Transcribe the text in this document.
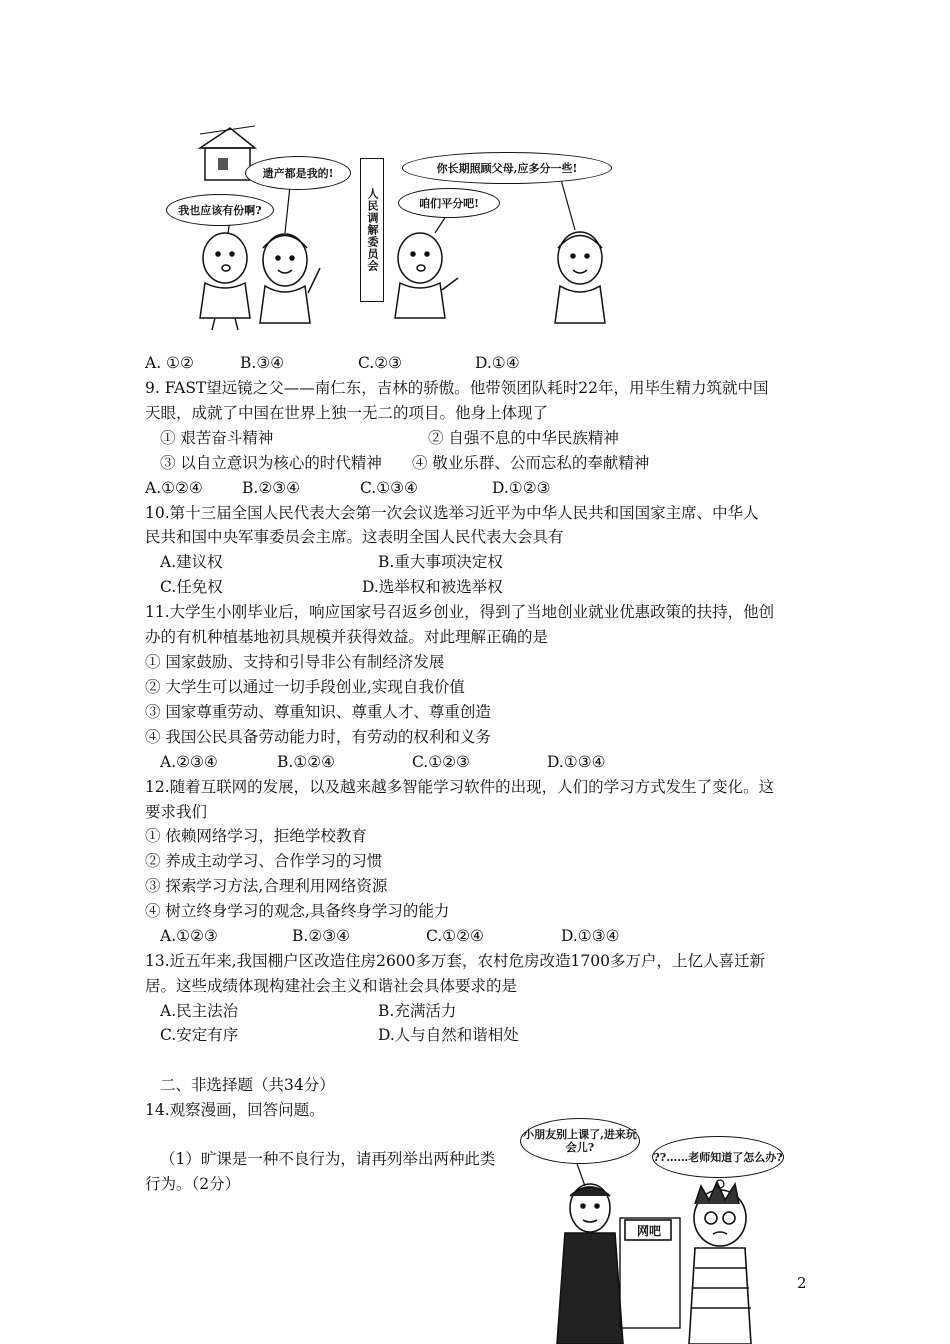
我也应该有份啊?
遗产都是我的!
人民调解委员会
你长期照顾父母,应多分一些!
咱们平分吧!
A. ①②	B.③④	C.②③	D.①④
9. FAST望远镜之父——南仁东，吉林的骄傲。他带领团队耗时22年，用毕生精力筑就中国
天眼，成就了中国在世界上独一无二的项目。他身上体现了
① 艰苦奋斗精神	② 自强不息的中华民族精神
③ 以自立意识为核心的时代精神 ④ 敬业乐群、公而忘私的奉献精神
A.①②④	B.②③④	C.①③④	D.①②③
10.第十三届全国人民代表大会第一次会议选举习近平为中华人民共和国国家主席、中华人
民共和国中央军事委员会主席。这表明全国人民代表大会具有
A.建议权	B.重大事项决定权
C.任免权	D.选举权和被选举权
11.大学生小刚毕业后，响应国家号召返乡创业，得到了当地创业就业优惠政策的扶持，他创
办的有机种植基地初具规模并获得效益。对此理解正确的是
① 国家鼓励、支持和引导非公有制经济发展
② 大学生可以通过一切手段创业,实现自我价值
③ 国家尊重劳动、尊重知识、尊重人才、尊重创造
④ 我国公民具备劳动能力时，有劳动的权利和义务
A.②③④	B.①②④	C.①②③	D.①③④
12.随着互联网的发展，以及越来越多智能学习软件的出现，人们的学习方式发生了变化。这
要求我们
① 依赖网络学习，拒绝学校教育
② 养成主动学习、合作学习的习惯
③ 探索学习方法,合理利用网络资源
④ 树立终身学习的观念,具备终身学习的能力
A.①②③	B.②③④	C.①②④	D.①③④
13.近五年来,我国棚户区改造住房2600多万套，农村危房改造1700多万户，上亿人喜迁新
居。这些成绩体现构建社会主义和谐社会具体要求的是
A.民主法治	B.充满活力
C.安定有序	D.人与自然和谐相处
二、非选择题（共34分）
14.观察漫画，回答问题。
（1）旷课是一种不良行为，请再列举出两种此类
行为。（2分）
小朋友别上课了,进来玩会儿?
??……老师知道了怎么办?
网吧
2
